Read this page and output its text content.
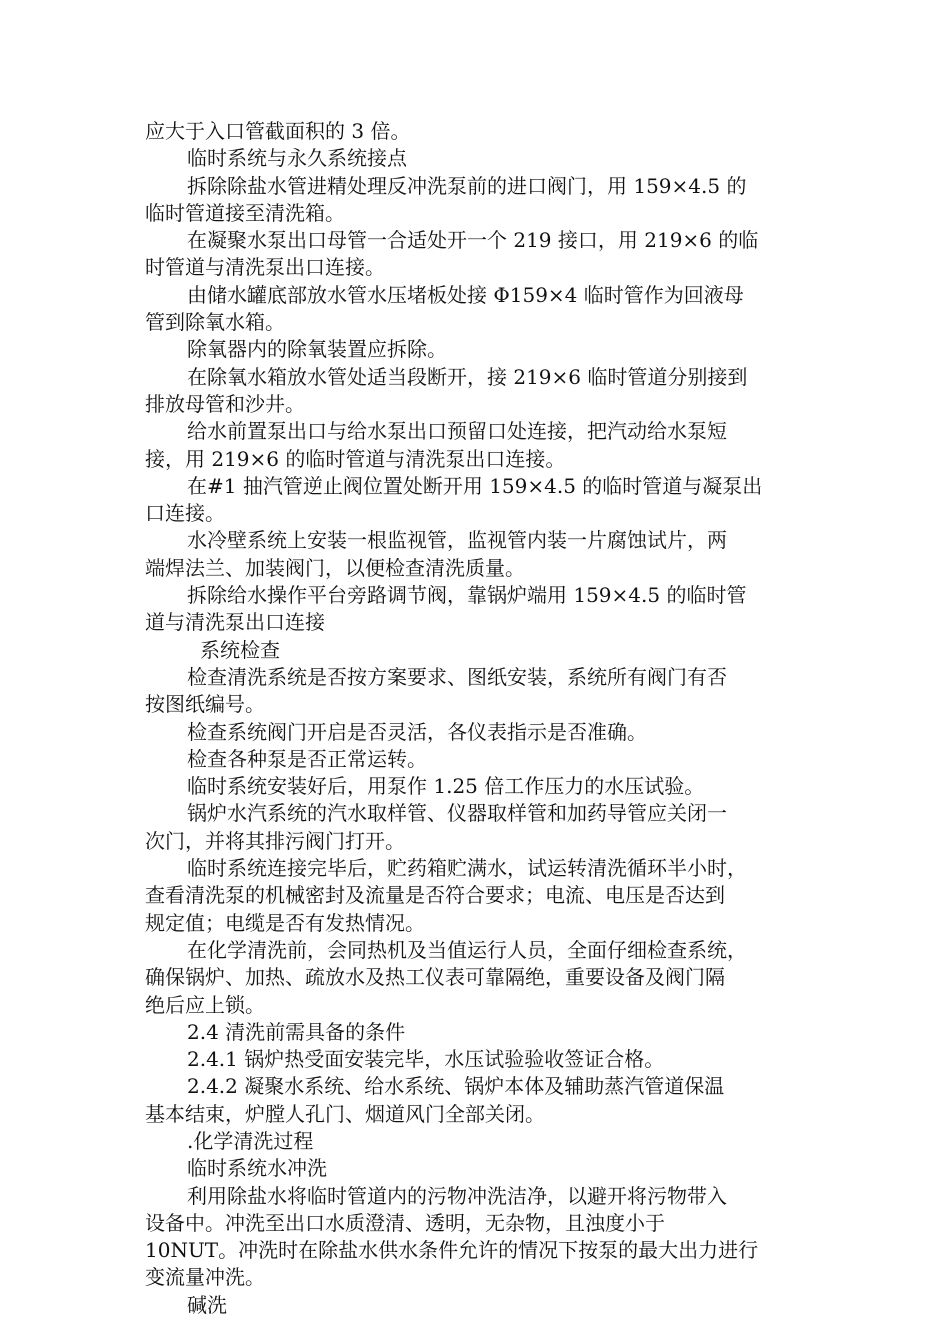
应大于入口管截面积的 3 倍。
临时系统与永久系统接点
拆除除盐水管进精处理反冲洗泵前的进口阀门，用 159×4.5 的
临时管道接至清洗箱。
在凝聚水泵出口母管一合适处开一个 219 接口，用 219×6 的临
时管道与清洗泵出口连接。
由储水罐底部放水管水压堵板处接 Φ159×4 临时管作为回液母
管到除氧水箱。
除氧器内的除氧装置应拆除。
在除氧水箱放水管处适当段断开，接 219×6 临时管道分别接到
排放母管和沙井。
给水前置泵出口与给水泵出口预留口处连接，把汽动给水泵短
接，用 219×6 的临时管道与清洗泵出口连接。
在#1 抽汽管逆止阀位置处断开用 159×4.5 的临时管道与凝泵出
口连接。
水冷壁系统上安装一根监视管，监视管内装一片腐蚀试片，两
端焊法兰、加装阀门，以便检查清洗质量。
拆除给水操作平台旁路调节阀，靠锅炉端用 159×4.5 的临时管
道与清洗泵出口连接
系统检查
检查清洗系统是否按方案要求、图纸安装，系统所有阀门有否
按图纸编号。
检查系统阀门开启是否灵活，各仪表指示是否准确。
检查各种泵是否正常运转。
临时系统安装好后，用泵作 1.25 倍工作压力的水压试验。
锅炉水汽系统的汽水取样管、仪器取样管和加药导管应关闭一
次门，并将其排污阀门打开。
临时系统连接完毕后，贮药箱贮满水，试运转清洗循环半小时，
查看清洗泵的机械密封及流量是否符合要求；电流、电压是否达到
规定值；电缆是否有发热情况。
在化学清洗前，会同热机及当值运行人员，全面仔细检查系统，
确保锅炉、加热、疏放水及热工仪表可靠隔绝，重要设备及阀门隔
绝后应上锁。
2.4 清洗前需具备的条件
2.4.1 锅炉热受面安装完毕，水压试验验收签证合格。
2.4.2 凝聚水系统、给水系统、锅炉本体及辅助蒸汽管道保温
基本结束，炉膛人孔门、烟道风门全部关闭。
.化学清洗过程
临时系统水冲洗
利用除盐水将临时管道内的污物冲洗洁净，以避开将污物带入
设备中。冲洗至出口水质澄清、透明，无杂物，且浊度小于
10NUT。冲洗时在除盐水供水条件允许的情况下按泵的最大出力进行
变流量冲洗。
碱洗
